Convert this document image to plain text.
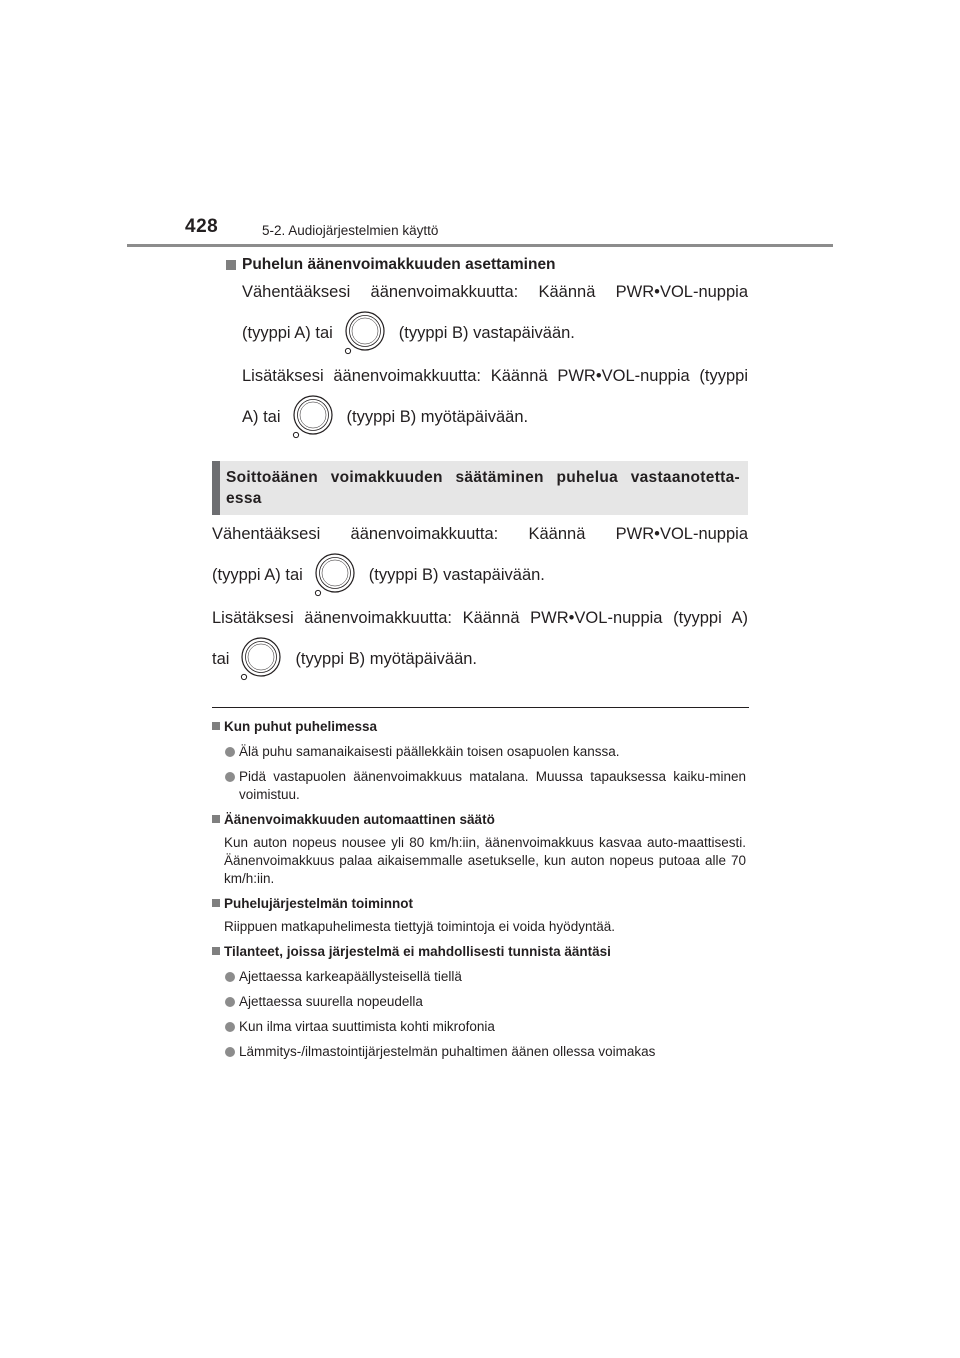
428	5-2. Audiojärjestelmien käyttö
Puhelun äänenvoimakkuuden asettaminen
Vähentääksesi äänenvoimakkuutta: Käännä PWR•VOL-nuppia
(tyyppi A) tai	(tyyppi B) vastapäivään.
Lisätäksesi äänenvoimakkuutta: Käännä PWR•VOL-nuppia (tyyppi
A) tai	(tyyppi B) myötäpäivään.
Soittoäänen voimakkuuden säätäminen puhelua vastaanotetta-
essa
Vähentääksesi äänenvoimakkuutta: Käännä PWR•VOL-nuppia
(tyyppi A) tai	(tyyppi B) vastapäivään.
Lisätäksesi äänenvoimakkuutta: Käännä PWR•VOL-nuppia (tyyppi A)
tai	(tyyppi B) myötäpäivään.
Kun puhut puhelimessa
Älä puhu samanaikaisesti päällekkäin toisen osapuolen kanssa.
Pidä vastapuolen äänenvoimakkuus matalana. Muussa tapauksessa kaiku-minen voimistuu.
Äänenvoimakkuuden automaattinen säätö
Kun auton nopeus nousee yli 80 km/h:iin, äänenvoimakkuus kasvaa auto-maattisesti. Äänenvoimakkuus palaa aikaisemmalle asetukselle, kun auton nopeus putoaa alle 70 km/h:iin.
Puhelujärjestelmän toiminnot
Riippuen matkapuhelimesta tiettyjä toimintoja ei voida hyödyntää.
Tilanteet, joissa järjestelmä ei mahdollisesti tunnista ääntäsi
Ajettaessa karkeapäällysteisellä tiellä
Ajettaessa suurella nopeudella
Kun ilma virtaa suuttimista kohti mikrofonia
Lämmitys-/ilmastointijärjestelmän puhaltimen äänen ollessa voimakas
